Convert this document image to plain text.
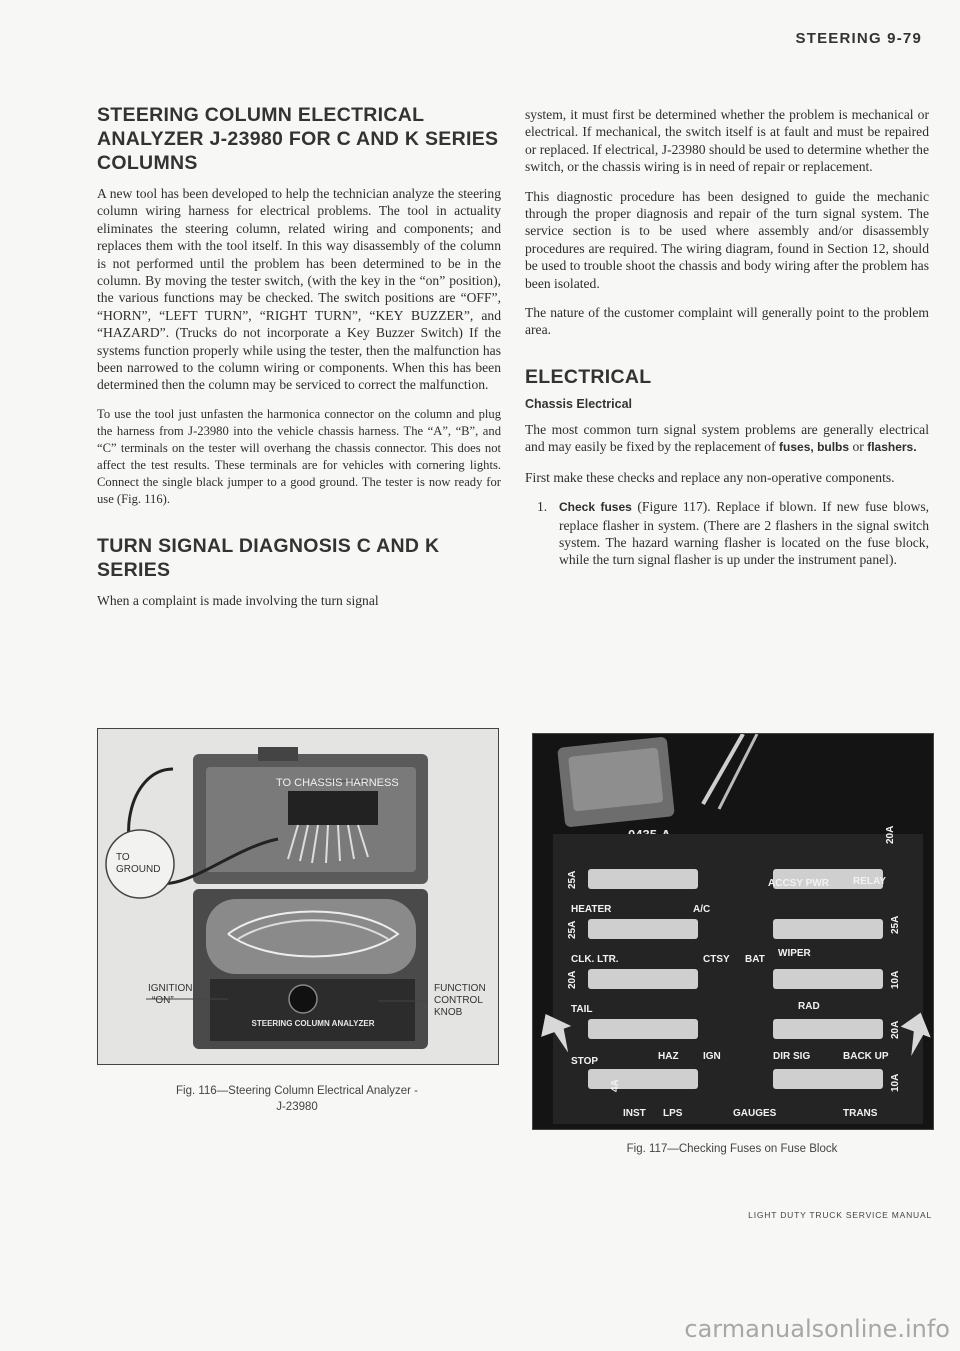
STEERING 9-79
STEERING COLUMN ELECTRICAL ANALYZER J-23980 FOR C AND K SERIES COLUMNS

A new tool has been developed to help the technician analyze the steering column wiring harness for electrical problems. The tool in actuality eliminates the steering column, related wiring and components; and replaces them with the tool itself. In this way disassembly of the column is not performed until the problem has been determined to be in the column. By moving the tester switch, (with the key in the “on” position), the various functions may be checked. The switch positions are “OFF”, “HORN”, “LEFT TURN”, “RIGHT TURN”, “KEY BUZZER”, and “HAZARD”. (Trucks do not incorporate a Key Buzzer Switch) If the systems function properly while using the tester, then the malfunction has been narrowed to the column wiring or components. When this has been determined then the column may be serviced to correct the malfunction.

To use the tool just unfasten the harmonica connector on the column and plug the harness from J-23980 into the vehicle chassis harness. The “A”, “B”, and “C” terminals on the tester will overhang the chassis connector. This does not affect the test results. These terminals are for vehicles with cornering lights. Connect the single black jumper to a good ground. The tester is now ready for use (Fig. 116).

TURN SIGNAL DIAGNOSIS C AND K SERIES

When a complaint is made involving the turn signal

system, it must first be determined whether the problem is mechanical or electrical. If mechanical, the switch itself is at fault and must be repaired or replaced. If electrical, J-23980 should be used to determine whether the switch, or the chassis wiring is in need of repair or replacement.

This diagnostic procedure has been designed to guide the mechanic through the proper diagnosis and repair of the turn signal system. The service section is to be used where assembly and/or disassembly procedures are required. The wiring diagram, found in Section 12, should be used to trouble shoot the chassis and body wiring after the problem has been isolated.

The nature of the customer complaint will generally point to the problem area.

ELECTRICAL
Chassis Electrical

The most common turn signal system problems are generally electrical and may easily be fixed by the replacement of fuses, bulbs or flashers.

First make these checks and replace any non-operative components.

1. Check fuses (Figure 117). Replace if blown. If new fuse blows, replace flasher in system. (There are 2 flashers in the signal switch system. The hazard warning flasher is located on the fuse block, while the turn signal flasher is up under the instrument panel).
STEERING COLUMN ANALYZER
TO CHASSIS HARNESS
TO
GROUND
IGNITION
“ON”
FUNCTION
CONTROL
KNOB
Fig. 116—Steering Column Electrical Analyzer -
J-23980
25A
20A
HEATER	A/C
ACCSY PWR RELAY
25A	25A
CLK. LTR.	CTSY BAT
WIPER
20A	10A
TAIL	RAD
20A
STOP	HAZ IGN	DIR SIG	BACK UP
4A	10A
INST LPS	GAUGES	TRANS
Fig. 117—Checking Fuses on Fuse Block
LIGHT DUTY TRUCK SERVICE MANUAL
carmanualsonline.info
